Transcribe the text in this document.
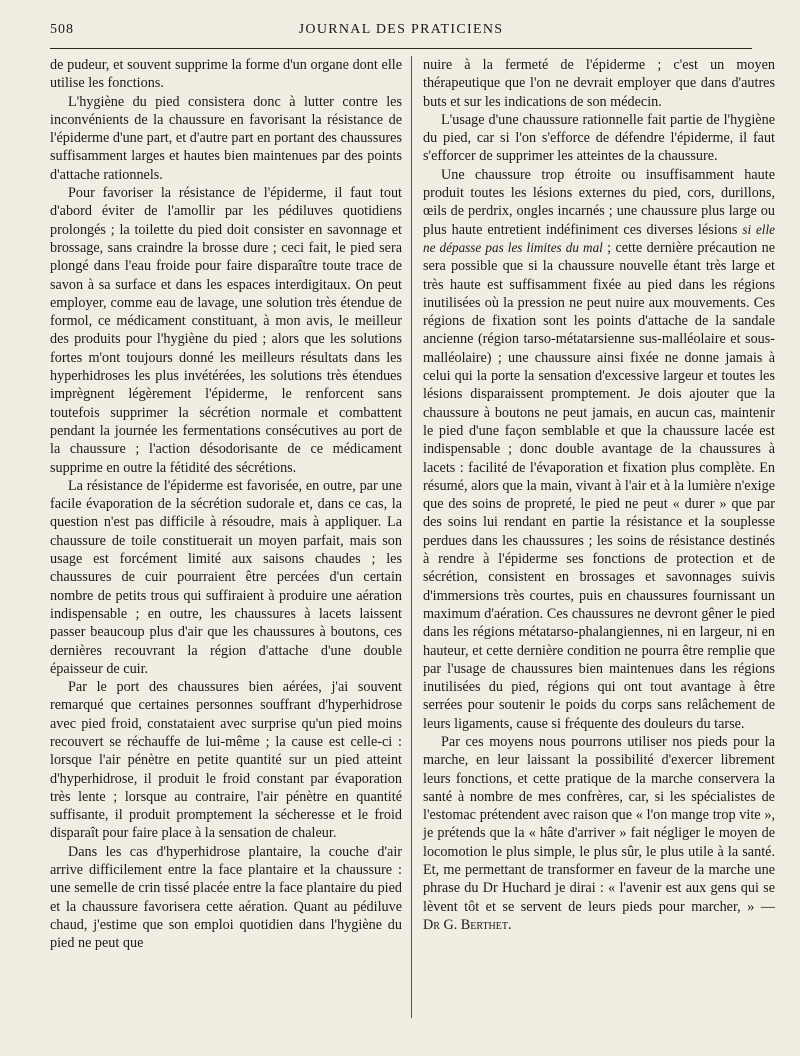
508	JOURNAL DES PRATICIENS

de pudeur, et souvent supprime la forme d'un organe dont elle utilise les fonctions.

L'hygiène du pied consistera donc à lutter contre les inconvénients de la chaussure en favorisant la résistance de l'épiderme d'une part, et d'autre part en portant des chaussures suffisamment larges et hautes bien maintenues par des points d'attache rationnels.

Pour favoriser la résistance de l'épiderme, il faut tout d'abord éviter de l'amollir par les pédiluves quotidiens prolongés ; la toilette du pied doit consister en savonnage et brossage, sans craindre la brosse dure ; ceci fait, le pied sera plongé dans l'eau froide pour faire disparaître toute trace de savon à sa surface et dans les espaces interdigitaux. On peut employer, comme eau de lavage, une solution très étendue de formol, ce médicament constituant, à mon avis, le meilleur des produits pour l'hygiène du pied ; alors que les solutions fortes m'ont toujours donné les meilleurs résultats dans les hyperhidroses les plus invétérées, les solutions très étendues imprègnent légèrement l'épiderme, le renforcent sans toutefois supprimer la sécrétion normale et combattent pendant la journée les fermentations consécutives au port de la chaussure ; l'action désodorisante de ce médicament supprime en outre la fétidité des sécrétions.

La résistance de l'épiderme est favorisée, en outre, par une facile évaporation de la sécrétion sudorale et, dans ce cas, la question n'est pas difficile à résoudre, mais à appliquer. La chaussure de toile constituerait un moyen parfait, mais son usage est forcément limité aux saisons chaudes ; les chaussures de cuir pourraient être percées d'un certain nombre de petits trous qui suffiraient à produire une aération indispensable ; en outre, les chaussures à lacets laissent passer beaucoup plus d'air que les chaussures à boutons, ces dernières recouvrant la région d'attache d'une double épaisseur de cuir.

Par le port des chaussures bien aérées, j'ai souvent remarqué que certaines personnes souffrant d'hyperhidrose avec pied froid, constataient avec surprise qu'un pied moins recouvert se réchauffe de lui-même ; la cause est celle-ci : lorsque l'air pénètre en petite quantité sur un pied atteint d'hyperhidrose, il produit le froid constant par évaporation très lente ; lorsque au contraire, l'air pénètre en quantité suffisante, il produit promptement la sécheresse et le froid disparaît pour faire place à la sensation de chaleur.

Dans les cas d'hyperhidrose plantaire, la couche d'air arrive difficilement entre la face plantaire et la chaussure : une semelle de crin tissé placée entre la face plantaire du pied et la chaussure favorisera cette aération. Quant au pédiluve chaud, j'estime que son emploi quotidien dans l'hygiène du pied ne peut que

nuire à la fermeté de l'épiderme ; c'est un moyen thérapeutique que l'on ne devrait employer que dans d'autres buts et sur les indications de son médecin.

L'usage d'une chaussure rationnelle fait partie de l'hygiène du pied, car si l'on s'efforce de défendre l'épiderme, il faut s'efforcer de supprimer les atteintes de la chaussure.

Une chaussure trop étroite ou insuffisamment haute produit toutes les lésions externes du pied, cors, durillons, œils de perdrix, ongles incarnés ; une chaussure plus large ou plus haute entretient indéfiniment ces diverses lésions si elle ne dépasse pas les limites du mal ; cette dernière précaution ne sera possible que si la chaussure nouvelle étant très large et très haute est suffisamment fixée au pied dans les régions inutilisées où la pression ne peut nuire aux mouvements. Ces régions de fixation sont les points d'attache de la sandale ancienne (région tarso-métatarsienne sus-malléolaire et sous-malléolaire) ; une chaussure ainsi fixée ne donne jamais à celui qui la porte la sensation d'excessive largeur et toutes les lésions disparaissent promptement. Je dois ajouter que la chaussure à boutons ne peut jamais, en aucun cas, maintenir le pied d'une façon semblable et que la chaussure lacée est indispensable ; donc double avantage de la chaussures à lacets : facilité de l'évaporation et fixation plus complète. En résumé, alors que la main, vivant à l'air et à la lumière n'exige que des soins de propreté, le pied ne peut « durer » que par des soins lui rendant en partie la résistance et la souplesse perdues dans les chaussures ; les soins de résistance destinés à rendre à l'épiderme ses fonctions de protection et de sécrétion, consistent en brossages et savonnages suivis d'immersions très courtes, puis en chaussures fournissant un maximum d'aération. Ces chaussures ne devront gêner le pied dans les régions métatarso-phalangiennes, ni en largeur, ni en hauteur, et cette dernière condition ne pourra être remplie que par l'usage de chaussures bien maintenues dans les régions inutilisées du pied, régions qui ont tout avantage à être serrées pour soutenir le poids du corps sans relâchement de leurs ligaments, cause si fréquente des douleurs du tarse.

Par ces moyens nous pourrons utiliser nos pieds pour la marche, en leur laissant la possibilité d'exercer librement leurs fonctions, et cette pratique de la marche conservera la santé à nombre de mes confrères, car, si les spécialistes de l'estomac prétendent avec raison que « l'on mange trop vite », je prétends que la « hâte d'arriver » fait négliger le moyen de locomotion le plus simple, le plus sûr, le plus utile à la santé. Et, me permettant de transformer en faveur de la marche une phrase du Dr Huchard je dirai : « l'avenir est aux gens qui se lèvent tôt et se servent de leurs pieds pour marcher, » — Dr G. Berthet.
